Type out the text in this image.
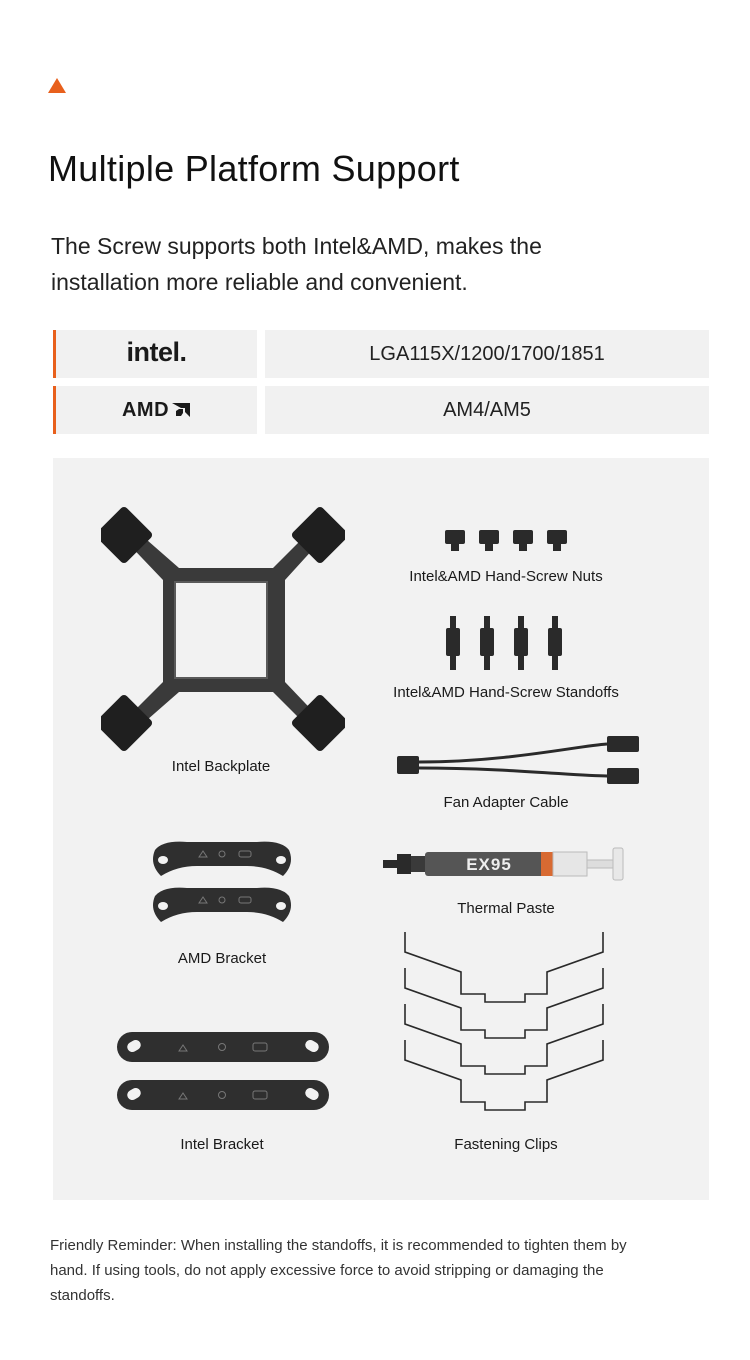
Multiple Platform Support

The Screw supports both Intel&AMD, makes the installation more reliable and convenient.

intel.	LGA115X/1200/1700/1851
AMD	AM4/AM5
Intel Backplate
Intel&AMD Hand-Screw Nuts
Intel&AMD Hand-Screw Standoffs
Fan Adapter Cable
AMD Bracket
EX95
Thermal Paste
Intel Bracket	Fastening Clips

Friendly Reminder: When installing the standoffs, it is recommended to tighten them by hand. If using tools, do not apply excessive force to avoid stripping or damaging the standoffs.
